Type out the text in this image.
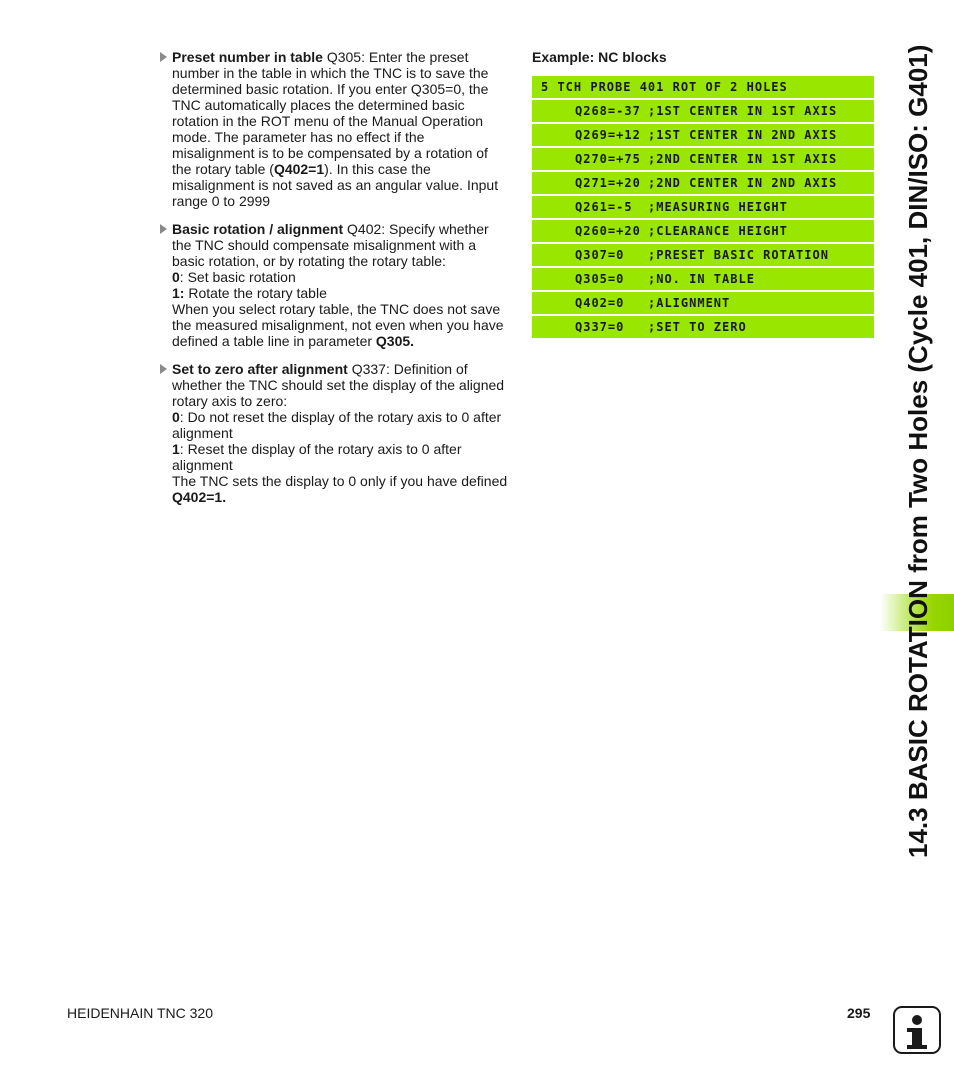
Preset number in table Q305: Enter the preset
number in the table in which the TNC is to save the
determined basic rotation. If you enter Q305=0, the
TNC automatically places the determined basic
rotation in the ROT menu of the Manual Operation
mode. The parameter has no effect if the
misalignment is to be compensated by a rotation of
the rotary table (Q402=1). In this case the
misalignment is not saved as an angular value. Input
range 0 to 2999
Basic rotation / alignment Q402: Specify whether
the TNC should compensate misalignment with a
basic rotation, or by rotating the rotary table:
0: Set basic rotation
1: Rotate the rotary table
When you select rotary table, the TNC does not save
the measured misalignment, not even when you have
defined a table line in parameter Q305.
Set to zero after alignment Q337: Definition of
whether the TNC should set the display of the aligned
rotary axis to zero:
0: Do not reset the display of the rotary axis to 0 after
alignment
1: Reset the display of the rotary axis to 0 after
alignment
The TNC sets the display to 0 only if you have defined
Q402=1.
Example: NC blocks

5 TCH PROBE 401 ROT OF 2 HOLES

Q268=-37 ;1ST CENTER IN 1ST AXIS
Q269=+12 ;1ST CENTER IN 2ND AXIS
Q270=+75 ;2ND CENTER IN 1ST AXIS
Q271=+20 ;2ND CENTER IN 2ND AXIS
Q261=-5 ;MEASURING HEIGHT
Q260=+20 ;CLEARANCE HEIGHT
Q307=0 ;PRESET BASIC ROTATION
Q305=0 ;NO. IN TABLE
Q402=0 ;ALIGNMENT
Q337=0 ;SET TO ZERO	14.3 BASIC ROTATION from Two Holes (Cycle 401, DIN/ISO: G401)
HEIDENHAIN TNC 320	295
